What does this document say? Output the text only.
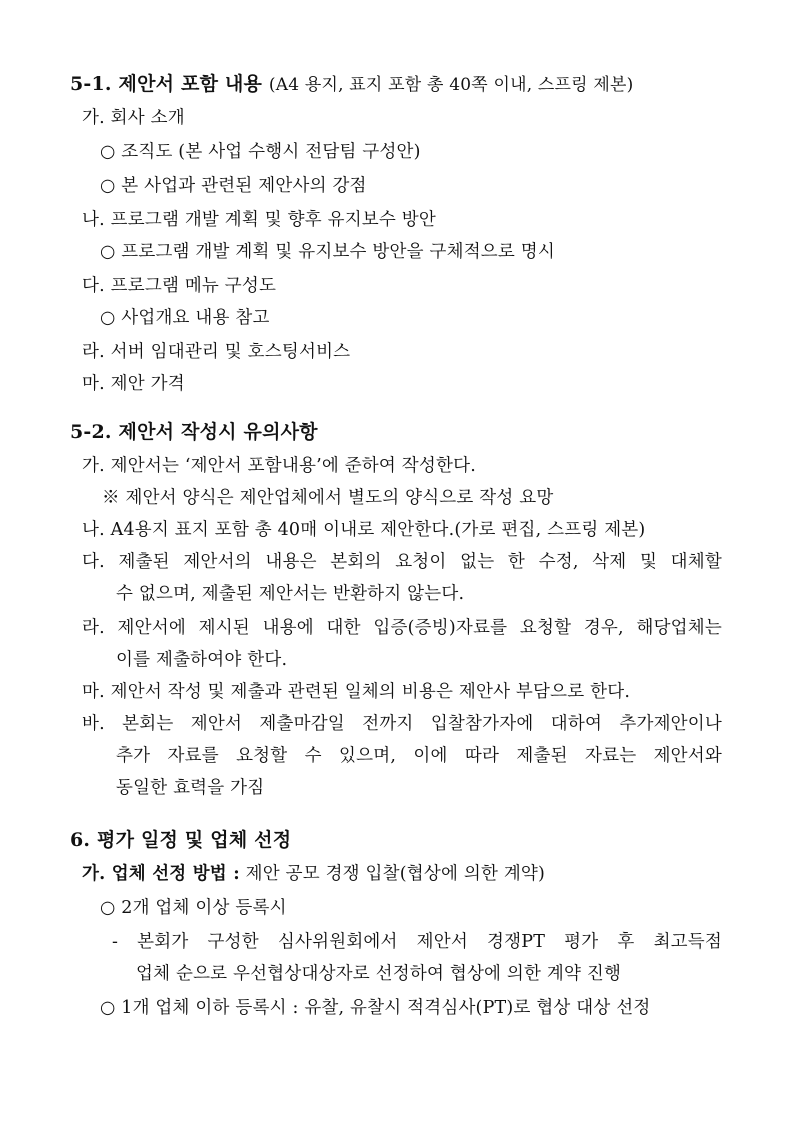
5-1. 제안서 포함 내용 (A4 용지, 표지 포함 총 40쪽 이내, 스프링 제본)
가. 회사 소개
○ 조직도 (본 사업 수행시 전담팀 구성안)
○ 본 사업과 관련된 제안사의 강점
나. 프로그램 개발 계획 및 향후 유지보수 방안
○ 프로그램 개발 계획 및 유지보수 방안을 구체적으로 명시
다. 프로그램 메뉴 구성도
○ 사업개요 내용 참고
라. 서버 임대관리 및 호스팅서비스
마. 제안 가격
5-2. 제안서 작성시 유의사항
가. 제안서는 ‘제안서 포함내용’에 준하여 작성한다.
※ 제안서 양식은 제안업체에서 별도의 양식으로 작성 요망
나. A4용지 표지 포함 총 40매 이내로 제안한다.(가로 편집, 스프링 제본)
다. 제출된 제안서의 내용은 본회의 요청이 없는 한 수정, 삭제 및 대체할
수 없으며, 제출된 제안서는 반환하지 않는다.
라. 제안서에 제시된 내용에 대한 입증(증빙)자료를 요청할 경우, 해당업체는
이를 제출하여야 한다.
마. 제안서 작성 및 제출과 관련된 일체의 비용은 제안사 부담으로 한다.
바. 본회는 제안서 제출마감일 전까지 입찰참가자에 대하여 추가제안이나
추가 자료를 요청할 수 있으며, 이에 따라 제출된 자료는 제안서와
동일한 효력을 가짐
6. 평가 일정 및 업체 선정
가. 업체 선정 방법 : 제안 공모 경쟁 입찰(협상에 의한 계약)
○ 2개 업체 이상 등록시
- 본회가 구성한 심사위원회에서 제안서 경쟁PT 평가 후 최고득점
업체 순으로 우선협상대상자로 선정하여 협상에 의한 계약 진행
○ 1개 업체 이하 등록시 : 유찰, 유찰시 적격심사(PT)로 협상 대상 선정
